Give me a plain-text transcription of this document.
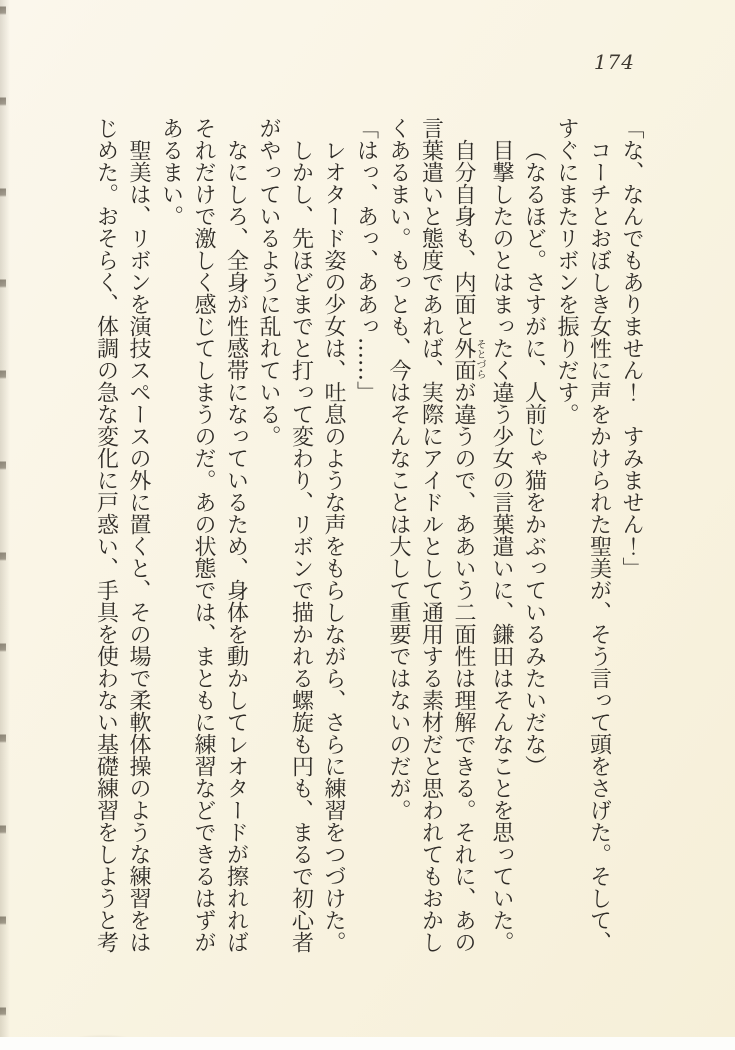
174

「な、なんでもありません！　すみません！」

コーチとおぼしき女性に声をかけられた聖美が、そう言って頭をさげた。そして、すぐにまたリボンを振りだす。

（なるほど。さすがに、人前じゃ猫をかぶっているみたいだな）

目撃したのとはまったく違う少女の言葉遣いに、鎌田はそんなことを思っていた。

自分自身も、内面と外面そとづらが違うので、ああいう二面性は理解できる。それに、あの言葉遣いと態度であれば、実際にアイドルとして通用する素材だと思われてもおかしくあるまい。もっとも、今はそんなことは大して重要ではないのだが。

「はっ、あっ、ああっ……」

レオタード姿の少女は、吐息のような声をもらしながら、さらに練習をつづけた。

しかし、先ほどまでと打って変わり、リボンで描かれる螺旋も円も、まるで初心者がやっているように乱れている。

なにしろ、全身が性感帯になっているため、身体を動かしてレオタードが擦れればそれだけで激しく感じてしまうのだ。あの状態では、まともに練習などできるはずがあるまい。

聖美は、リボンを演技スペースの外に置くと、その場で柔軟体操のような練習をはじめた。おそらく、体調の急な変化に戸惑い、手具を使わない基礎練習をしようと考
